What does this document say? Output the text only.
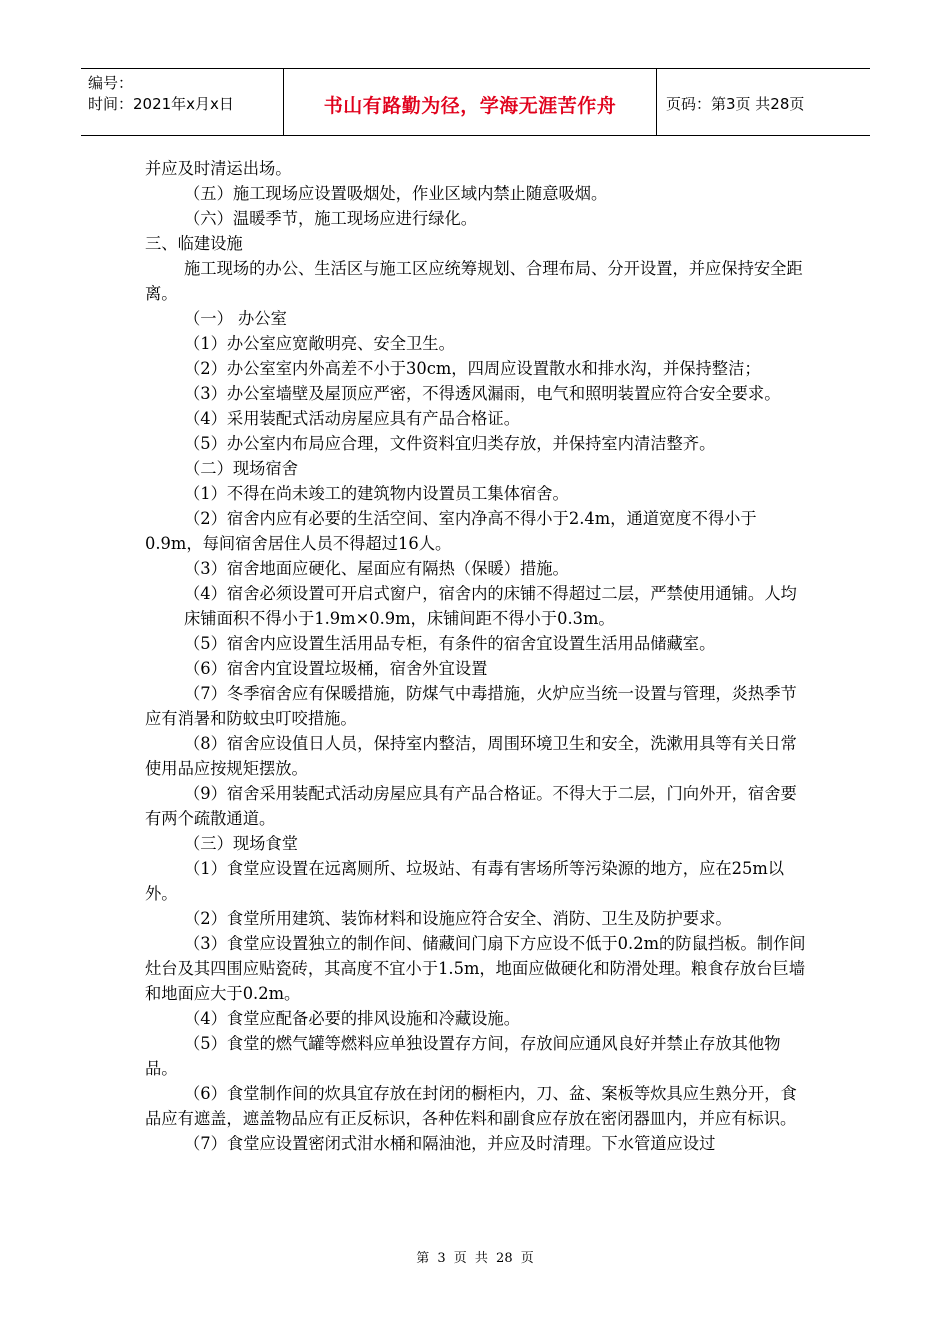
编号：
时间：2021年x月x日	书山有路勤为径，学海无涯苦作舟	页码：第3页 共28页

并应及时清运出场。

（五）施工现场应设置吸烟处，作业区域内禁止随意吸烟。

（六）温暖季节，施工现场应进行绿化。

三、临建设施

施工现场的办公、生活区与施工区应统筹规划、合理布局、分开设置，并应保持安全距离。

（一） 办公室

（1）办公室应宽敞明亮、安全卫生。

（2）办公室室内外高差不小于30cm，四周应设置散水和排水沟，并保持整洁；

（3）办公室墙壁及屋顶应严密，不得透风漏雨，电气和照明装置应符合安全要求。

（4）采用装配式活动房屋应具有产品合格证。

（5）办公室内布局应合理，文件资料宜归类存放，并保持室内清洁整齐。

（二）现场宿舍

（1）不得在尚未竣工的建筑物内设置员工集体宿舍。

（2）宿舍内应有必要的生活空间、室内净高不得小于2.4m，通道宽度不得小于0.9m，每间宿舍居住人员不得超过16人。

（3）宿舍地面应硬化、屋面应有隔热（保暖）措施。

（4）宿舍必须设置可开启式窗户，宿舍内的床铺不得超过二层，严禁使用通铺。人均床铺面积不得小于1.9m×0.9m，床铺间距不得小于0.3m。

（5）宿舍内应设置生活用品专柜，有条件的宿舍宜设置生活用品储藏室。

（6）宿舍内宜设置垃圾桶，宿舍外宜设置

（7）冬季宿舍应有保暖措施，防煤气中毒措施，火炉应当统一设置与管理，炎热季节应有消暑和防蚊虫叮咬措施。

（8）宿舍应设值日人员，保持室内整洁，周围环境卫生和安全，洗漱用具等有关日常使用品应按规矩摆放。

（9）宿舍采用装配式活动房屋应具有产品合格证。不得大于二层，门向外开，宿舍要有两个疏散通道。

（三）现场食堂

（1）食堂应设置在远离厕所、垃圾站、有毒有害场所等污染源的地方，应在25m以外。

（2）食堂所用建筑、装饰材料和设施应符合安全、消防、卫生及防护要求。

（3）食堂应设置独立的制作间、储藏间门扇下方应设不低于0.2m的防鼠挡板。制作间灶台及其四围应贴瓷砖，其高度不宜小于1.5m，地面应做硬化和防滑处理。粮食存放台巨墙和地面应大于0.2m。

（4）食堂应配备必要的排风设施和冷藏设施。

（5）食堂的燃气罐等燃料应单独设置存方间，存放间应通风良好并禁止存放其他物品。

（6）食堂制作间的炊具宜存放在封闭的橱柜内，刀、盆、案板等炊具应生熟分开，食品应有遮盖，遮盖物品应有正反标识，各种佐料和副食应存放在密闭器皿内，并应有标识。

（7）食堂应设置密闭式泔水桶和隔油池，并应及时清理。下水管道应设过

第 3 页 共 28 页
